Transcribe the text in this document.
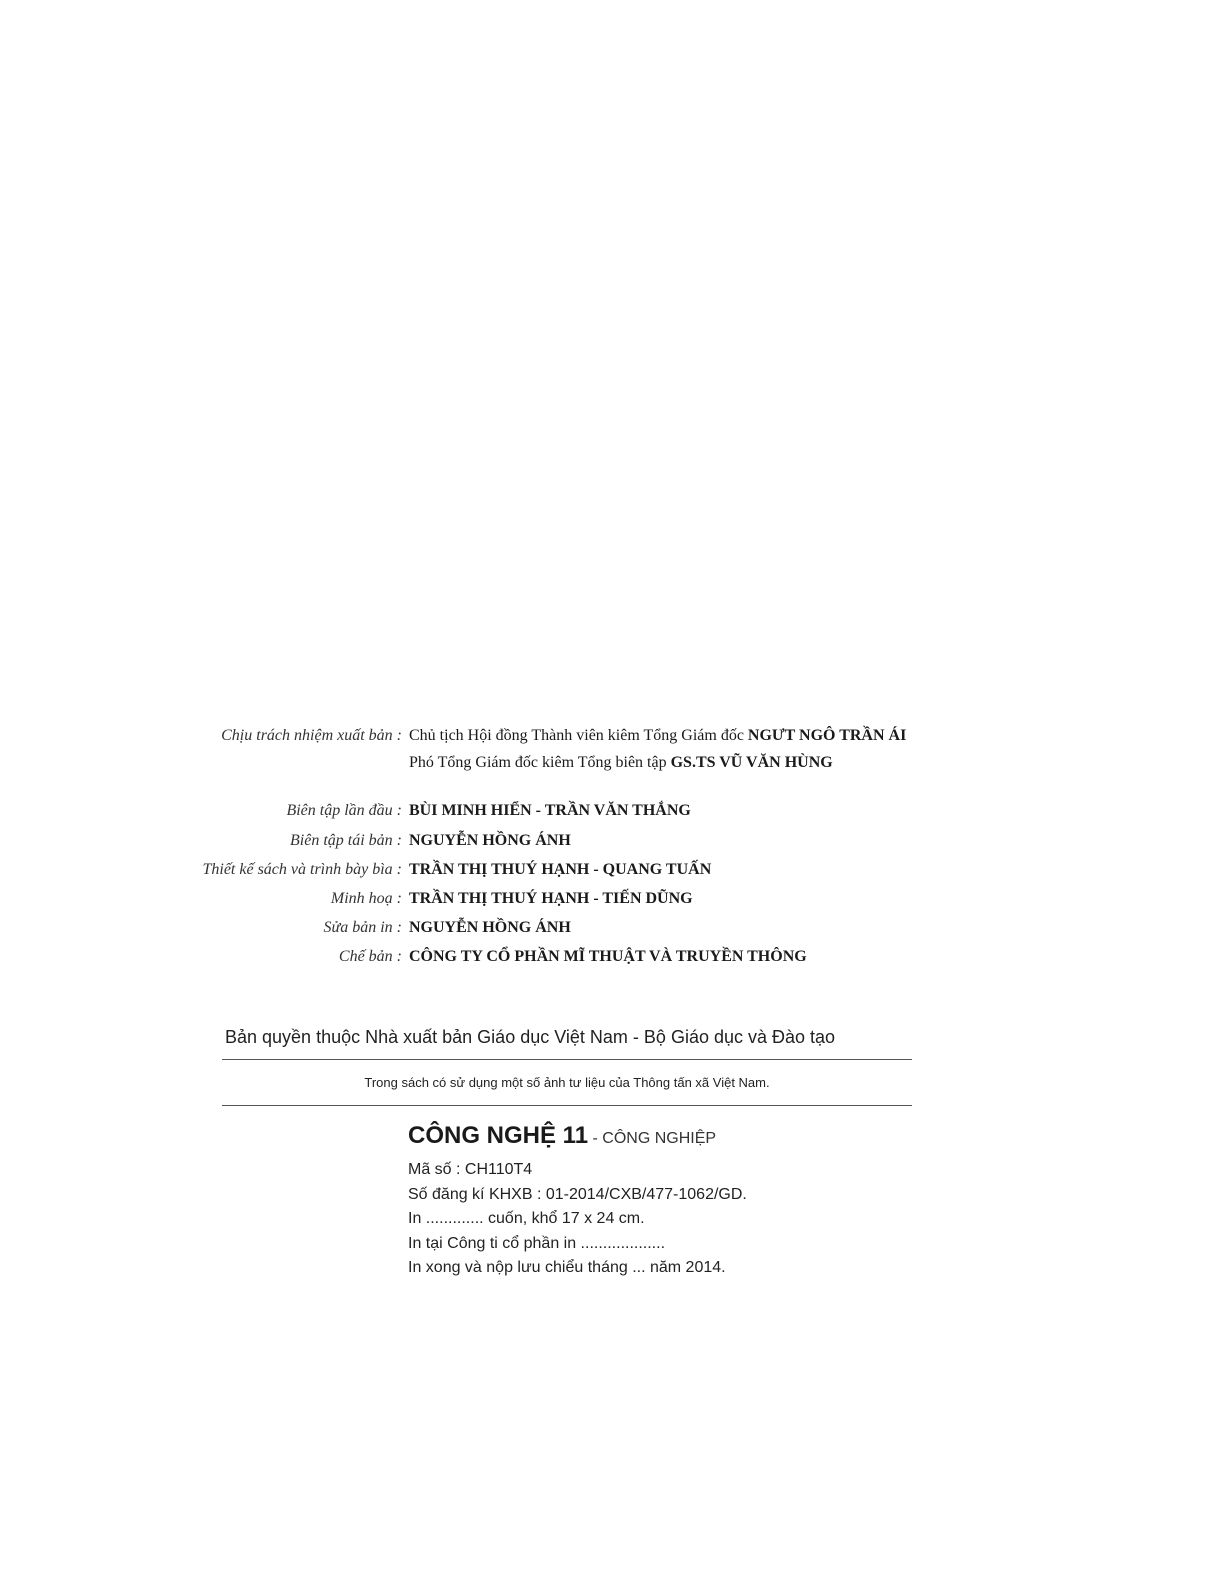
Chịu trách nhiệm xuất bản : Chủ tịch Hội đồng Thành viên kiêm Tổng Giám đốc NGƯT NGÔ TRẦN ÁI
Phó Tổng Giám đốc kiêm Tổng biên tập GS.TS VŨ VĂN HÙNG
Biên tập lần đầu : BÙI MINH HIỂN - TRẦN VĂN THẮNG
Biên tập tái bản : NGUYỄN HỒNG ÁNH
Thiết kế sách và trình bày bìa : TRẦN THỊ THUÝ HẠNH - QUANG TUẤN
Minh hoạ : TRẦN THỊ THUÝ HẠNH - TIẾN DŨNG
Sửa bản in : NGUYỄN HỒNG ÁNH
Chế bản : CÔNG TY CỔ PHẦN MĨ THUẬT VÀ TRUYỀN THÔNG
Bản quyền thuộc Nhà xuất bản Giáo dục Việt Nam - Bộ Giáo dục và Đào tạo
Trong sách có sử dụng một số ảnh tư liệu của Thông tấn xã Việt Nam.
CÔNG NGHỆ 11 - CÔNG NGHIỆP
Mã số : CH110T4
Số đăng kí KHXB : 01-2014/CXB/477-1062/GD.
In ............. cuốn, khổ 17 x 24 cm.
In tại Công ti cổ phần in ...................
In xong và nộp lưu chiểu tháng ... năm 2014.
